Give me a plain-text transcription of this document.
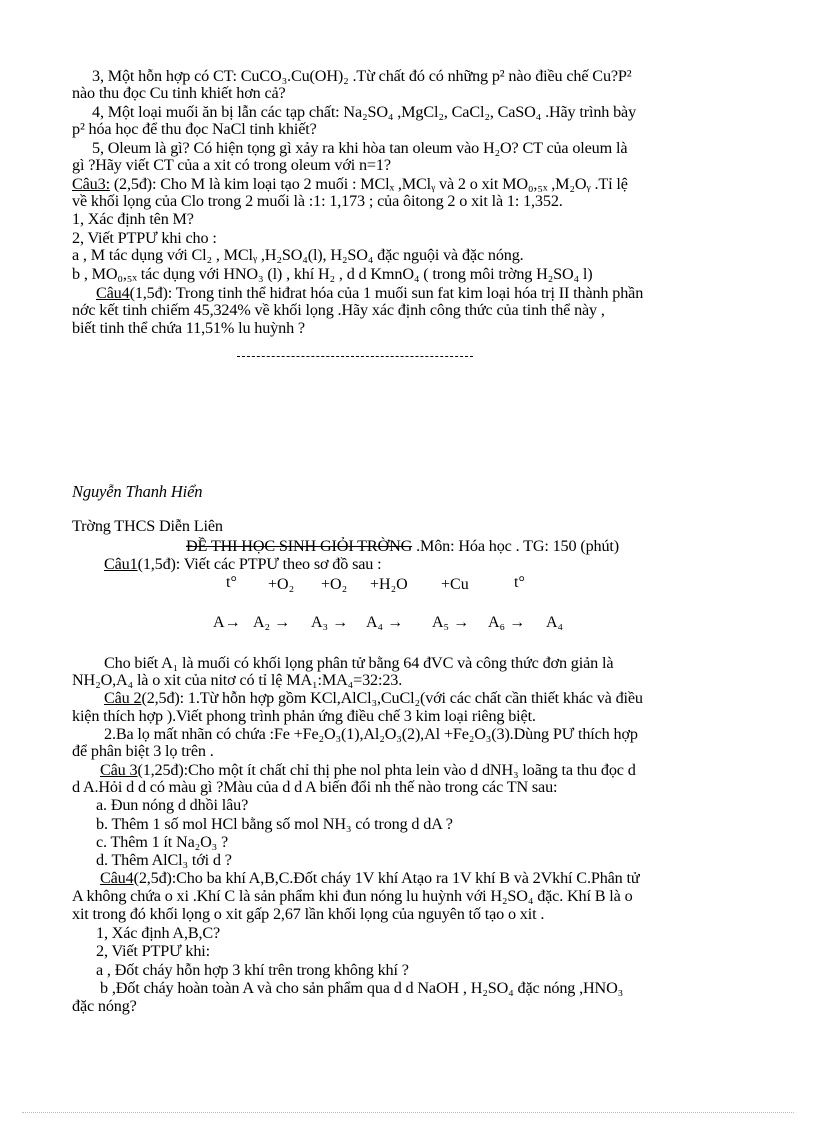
3, Một hỗn hợp có CT: CuCO₃.Cu(OH)₂ .Từ chất đó có những p² nào điều chế Cu?P²
nào thu đọc Cu tinh khiết hơn cả?
4, Một loại muối ăn bị lẫn các tạp chất: Na₂SO₄ ,MgCl₂, CaCl₂, CaSO₄ .Hãy trình bày
p² hóa học để thu đọc NaCl tinh khiết?
5, Oleum là gì? Có hiện tọng gì xảy ra khi hòa tan oleum vào H₂O? CT của oleum là
gì ?Hãy viết CT của a xit có trong oleum với n=1?
Câu3: (2,5đ): Cho M là kim loại tạo 2 muối : MClₓ ,MClᵧ và 2 o xit MO₀,₅ₓ ,M₂Oᵧ .Tỉ lệ
về khối lọng của Clo trong 2 muối là :1: 1,173 ; của ôitong 2 o xit là 1: 1,352.
1, Xác định tên M?
2, Viết PTPƯ khi cho :
a , M tác dụng với Cl₂ , MClᵧ ,H₂SO₄(l), H₂SO₄ đặc nguội và đặc nóng.
b , MO₀,₅ₓ tác dụng với HNO₃ (l) , khí H₂ , d d KmnO₄ ( trong môi trờng H₂SO₄ l)
Câu4(1,5đ): Trong tinh thể hiđrat hóa của 1 muối sun fat kim loại hóa trị II thành phần
nớc kết tinh chiếm 45,324% về khối lọng .Hãy xác định công thức của tinh thể này ,
biết tinh thể chứa 11,51% lu huỳnh ?
Nguyễn Thanh Hiển
Trờng THCS Diễn Liên
ĐỀ THI HỌC SINH GIỎI TRỜNG .Môn: Hóa học . TG: 150 (phút)
Câu1(1,5đ): Viết các PTPƯ theo sơ đồ sau :
t° +O₂ +O₂ +H₂O +Cu	t°
A→ A₂ → A₃ → A₄ → A₅ → A₆ → A₄
Cho biết A₁ là muối có khối lọng phân tử bằng 64 đVC và công thức đơn giản là
NH₂O,A₄ là o xit của nitơ có tỉ lệ MA₁:MA₄=32:23.
Câu 2(2,5đ): 1.Từ hỗn hợp gồm KCl,AlCl₃,CuCl₂(với các chất cần thiết khác và điều
kiện thích hợp ).Viết phong trình phản ứng điều chế 3 kim loại riêng biệt.
2.Ba lọ mất nhãn có chứa :Fe +Fe₂O₃(1),Al₂O₃(2),Al +Fe₂O₃(3).Dùng PƯ thích hợp
để phân biệt 3 lọ trên .
Câu 3(1,25đ):Cho một ít chất chỉ thị phe nol phta lein vào d dNH₃ loãng ta thu đọc d
d A.Hỏi d d có màu gì ?Màu của d d A biến đổi nh thế nào trong các TN sau:
a. Đun nóng d dhồi lâu?
b. Thêm 1 số mol HCl bằng số mol NH₃ có trong d dA ?
c. Thêm 1 ít Na₂O₃ ?
d. Thêm AlCl₃ tới d ?
Câu4(2,5đ):Cho ba khí A,B,C.Đốt cháy 1V khí Atạo ra 1V khí B và 2Vkhí C.Phân tử
A không chứa o xi .Khí C là sản phẩm khi đun nóng lu huỳnh với H₂SO₄ đặc. Khí B là o
xit trong đó khối lọng o xit gấp 2,67 lần khối lọng của nguyên tố tạo o xit .
1, Xác định A,B,C?
2, Viết PTPƯ khi:
a , Đốt cháy hỗn hợp 3 khí trên trong không khí ?
b ,Đốt cháy hoàn toàn A và cho sản phẩm qua d d NaOH , H₂SO₄ đặc nóng ,HNO₃
đặc nóng?
